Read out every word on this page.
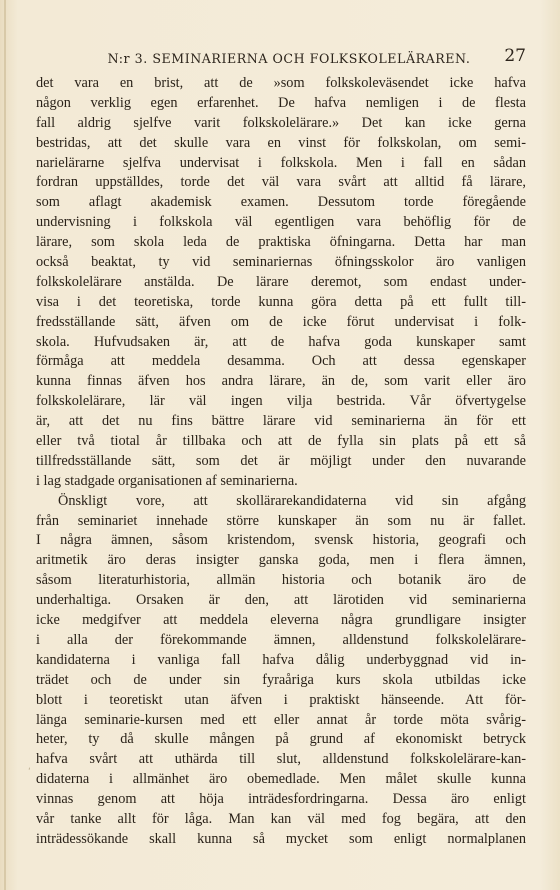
N:r 3. SEMINARIERNA OCH FOLKSKOLELÄRAREN. 27
det vara en brist, att de »som folkskoleväsendet icke hafva
någon verklig egen erfarenhet. De hafva nemligen i de flesta
fall aldrig sjelfve varit folkskolelärare.» Det kan icke gerna
bestridas, att det skulle vara en vinst för folkskolan, om semi-
narielärarne sjelfva undervisat i folkskola. Men i fall en sådan
fordran uppställdes, torde det väl vara svårt att alltid få lärare,
som aflagt akademisk examen. Dessutom torde föregående
undervisning i folkskola väl egentligen vara behöflig för de
lärare, som skola leda de praktiska öfningarna. Detta har man
också beaktat, ty vid seminariernas öfningsskolor äro vanligen
folkskolelärare anstälda. De lärare deremot, som endast under-
visa i det teoretiska, torde kunna göra detta på ett fullt till-
fredsställande sätt, äfven om de icke förut undervisat i folk-
skola. Hufvudsaken är, att de hafva goda kunskaper samt
förmåga att meddela desamma. Och att dessa egenskaper
kunna finnas äfven hos andra lärare, än de, som varit eller äro
folkskolelärare, lär väl ingen vilja bestrida. Vår öfvertygelse
är, att det nu fins bättre lärare vid seminarierna än för ett
eller två tiotal år tillbaka och att de fylla sin plats på ett så
tillfredsställande sätt, som det är möjligt under den nuvarande
i lag stadgade organisationen af seminarierna.
Önskligt vore, att skollärarekandidaterna vid sin afgång
från seminariet innehade större kunskaper än som nu är fallet.
I några ämnen, såsom kristendom, svensk historia, geografi och
aritmetik äro deras insigter ganska goda, men i flera ämnen,
såsom literaturhistoria, allmän historia och botanik äro de
underhaltiga. Orsaken är den, att lärotiden vid seminarierna
icke medgifver att meddela eleverna några grundligare insigter
i alla der förekommande ämnen, alldenstund folkskolelärare-
kandidaterna i vanliga fall hafva dålig underbyggnad vid in-
trädet och de under sin fyraåriga kurs skola utbildas icke
blott i teoretiskt utan äfven i praktiskt hänseende. Att för-
länga seminarie-kursen med ett eller annat år torde möta svårig-
heter, ty då skulle mången på grund af ekonomiskt betryck
hafva svårt att uthärda till slut, alldenstund folkskolelärare-kan-
didaterna i allmänhet äro obemedlade. Men målet skulle kunna
vinnas genom att höja inträdesfordringarna. Dessa äro enligt
vår tanke allt för låga. Man kan väl med fog begära, att den
inträdessökande skall kunna så mycket som enligt normalplanen
‘
